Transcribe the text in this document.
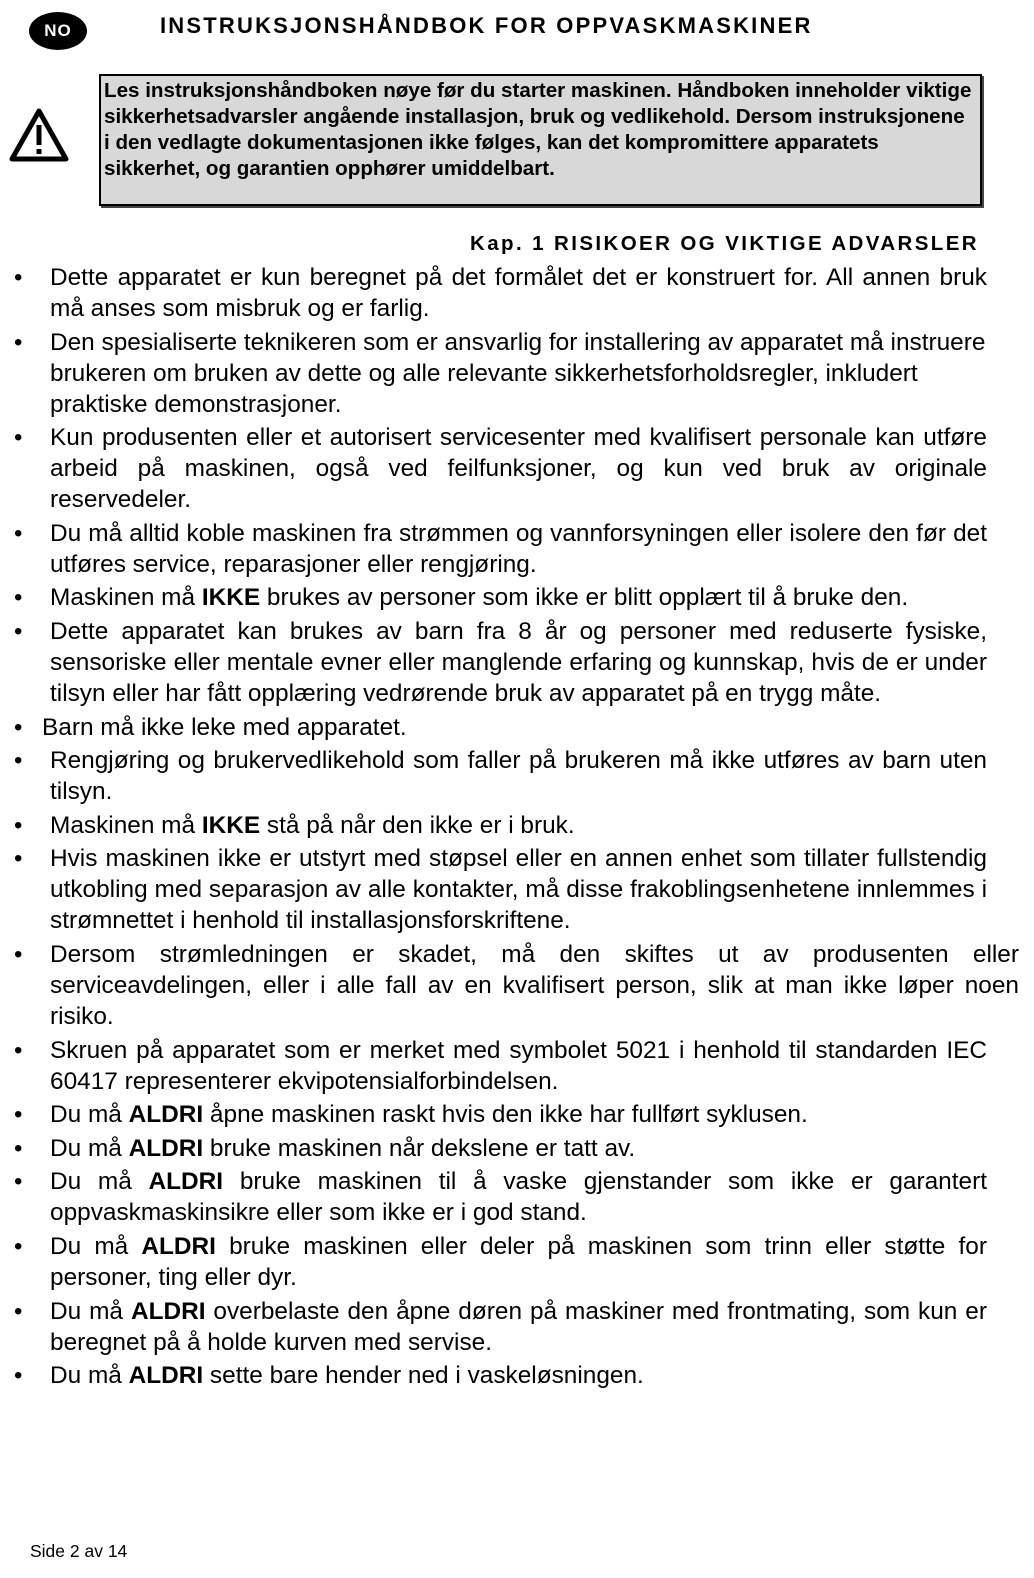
NO	INSTRUKSJONSHÅNDBOK FOR OPPVASKMASKINER
Les instruksjonshåndboken nøye før du starter maskinen. Håndboken inneholder viktige sikkerhetsadvarsler angående installasjon, bruk og vedlikehold. Dersom instruksjonene i den vedlagte dokumentasjonen ikke følges, kan det kompromittere apparatets sikkerhet, og garantien opphører umiddelbart.
Kap. 1 RISIKOER OG VIKTIGE ADVARSLER
• Dette apparatet er kun beregnet på det formålet det er konstruert for. All annen bruk må anses som misbruk og er farlig.
• Den spesialiserte teknikeren som er ansvarlig for installering av apparatet må instruere brukeren om bruken av dette og alle relevante sikkerhetsforholdsregler, inkludert praktiske demonstrasjoner.
• Kun produsenten eller et autorisert servicesenter med kvalifisert personale kan utføre arbeid på maskinen, også ved feilfunksjoner, og kun ved bruk av originale reservedeler.
• Du må alltid koble maskinen fra strømmen og vannforsyningen eller isolere den før det utføres service, reparasjoner eller rengjøring.
• Maskinen må IKKE brukes av personer som ikke er blitt opplært til å bruke den.
• Dette apparatet kan brukes av barn fra 8 år og personer med reduserte fysiske, sensoriske eller mentale evner eller manglende erfaring og kunnskap, hvis de er under tilsyn eller har fått opplæring vedrørende bruk av apparatet på en trygg måte.
• Barn må ikke leke med apparatet.
• Rengjøring og brukervedlikehold som faller på brukeren må ikke utføres av barn uten tilsyn.
• Maskinen må IKKE stå på når den ikke er i bruk.
• Hvis maskinen ikke er utstyrt med støpsel eller en annen enhet som tillater fullstendig utkobling med separasjon av alle kontakter, må disse frakoblingsenhetene innlemmes i strømnettet i henhold til installasjonsforskriftene.
• Dersom strømledningen er skadet, må den skiftes ut av produsenten eller serviceavdelingen, eller i alle fall av en kvalifisert person, slik at man ikke løper noen risiko.
• Skruen på apparatet som er merket med symbolet 5021 i henhold til standarden IEC 60417 representerer ekvipotensialforbindelsen.
• Du må ALDRI åpne maskinen raskt hvis den ikke har fullført syklusen.
• Du må ALDRI bruke maskinen når dekslene er tatt av.
• Du må ALDRI bruke maskinen til å vaske gjenstander som ikke er garantert oppvaskmaskinsikre eller som ikke er i god stand.
• Du må ALDRI bruke maskinen eller deler på maskinen som trinn eller støtte for personer, ting eller dyr.
• Du må ALDRI overbelaste den åpne døren på maskiner med frontmating, som kun er beregnet på å holde kurven med servise.
• Du må ALDRI sette bare hender ned i vaskeløsningen.
Side 2 av 14
